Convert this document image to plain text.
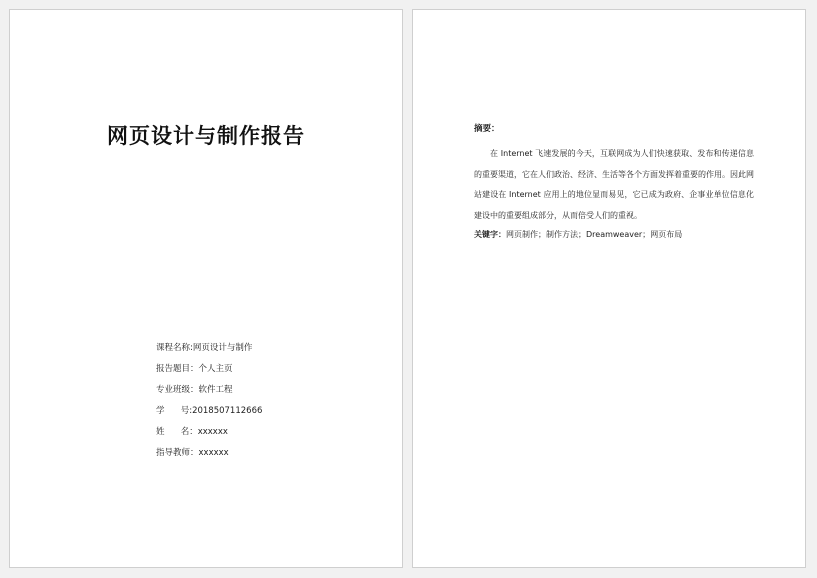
网页设计与制作报告
课程名称:网页设计与制作
报告题目：个人主页
专业班级：软件工程
学      号:2018507112666
姓      名：xxxxxx
指导教师：xxxxxx
摘要：

在 Internet 飞速发展的今天，互联网成为人们快速获取、发布和传递信息的重要渠道，它在人们政治、经济、生活等各个方面发挥着重要的作用。因此网站建设在 Internet 应用上的地位显而易见，它已成为政府、企事业单位信息化建设中的重要组成部分，从而倍受人们的重视。

关键字：网页制作；制作方法；Dreamweaver；网页布局
